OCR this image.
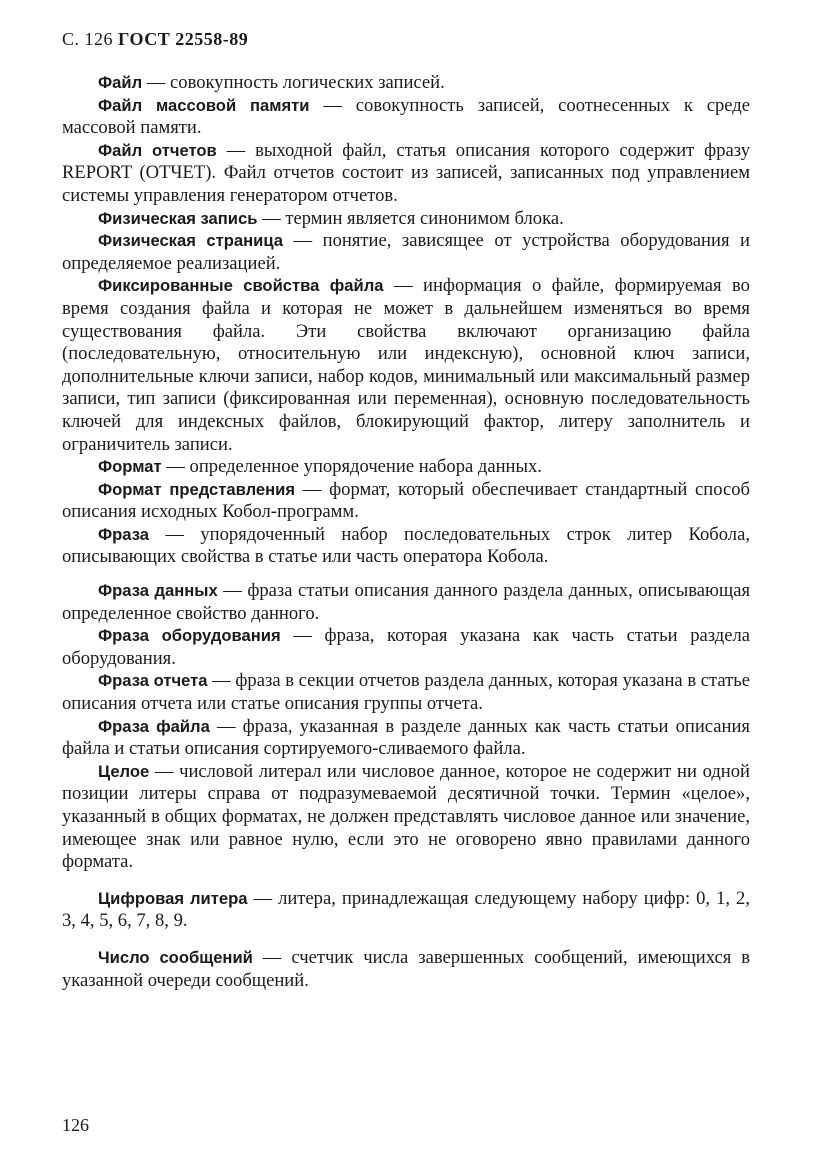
С. 126 ГОСТ 22558-89

Файл — совокупность логических записей.

Файл массовой памяти — совокупность записей, соотнесенных к среде массовой памяти.

Файл отчетов — выходной файл, статья описания которого содержит фразу REPORT (ОТЧЕТ). Файл отчетов состоит из записей, записанных под управлением системы управления генератором отчетов.

Физическая запись — термин является синонимом блока.

Физическая страница — понятие, зависящее от устройства оборудования и определяемое реализацией.

Фиксированные свойства файла — информация о файле, формируемая во время создания файла и которая не может в дальнейшем изменяться во время существования файла. Эти свойства включают организацию файла (последовательную, относительную или индексную), основной ключ записи, дополнительные ключи записи, набор кодов, минимальный или максимальный размер записи, тип записи (фиксированная или переменная), основную последовательность ключей для индексных файлов, блокирующий фактор, литеру заполнитель и ограничитель записи.

Формат — определенное упорядочение набора данных.

Формат представления — формат, который обеспечивает стандартный способ описания исходных Кобол-программ.

Фраза — упорядоченный набор последовательных строк литер Кобола, описывающих свойства в статье или часть оператора Кобола.

Фраза данных — фраза статьи описания данного раздела данных, описывающая определенное свойство данного.

Фраза оборудования — фраза, которая указана как часть статьи раздела оборудования.

Фраза отчета — фраза в секции отчетов раздела данных, которая указана в статье описания отчета или статье описания группы отчета.

Фраза файла — фраза, указанная в разделе данных как часть статьи описания файла и статьи описания сортируемого-сливаемого файла.

Целое — числовой литерал или числовое данное, которое не содержит ни одной позиции литеры справа от подразумеваемой десятичной точки. Термин «целое», указанный в общих форматах, не должен представлять числовое данное или значение, имеющее знак или равное нулю, если это не оговорено явно правилами данного формата.

Цифровая литера — литера, принадлежащая следующему набору цифр: 0, 1, 2, 3, 4, 5, 6, 7, 8, 9.

Число сообщений — счетчик числа завершенных сообщений, имеющихся в указанной очереди сообщений.

126
